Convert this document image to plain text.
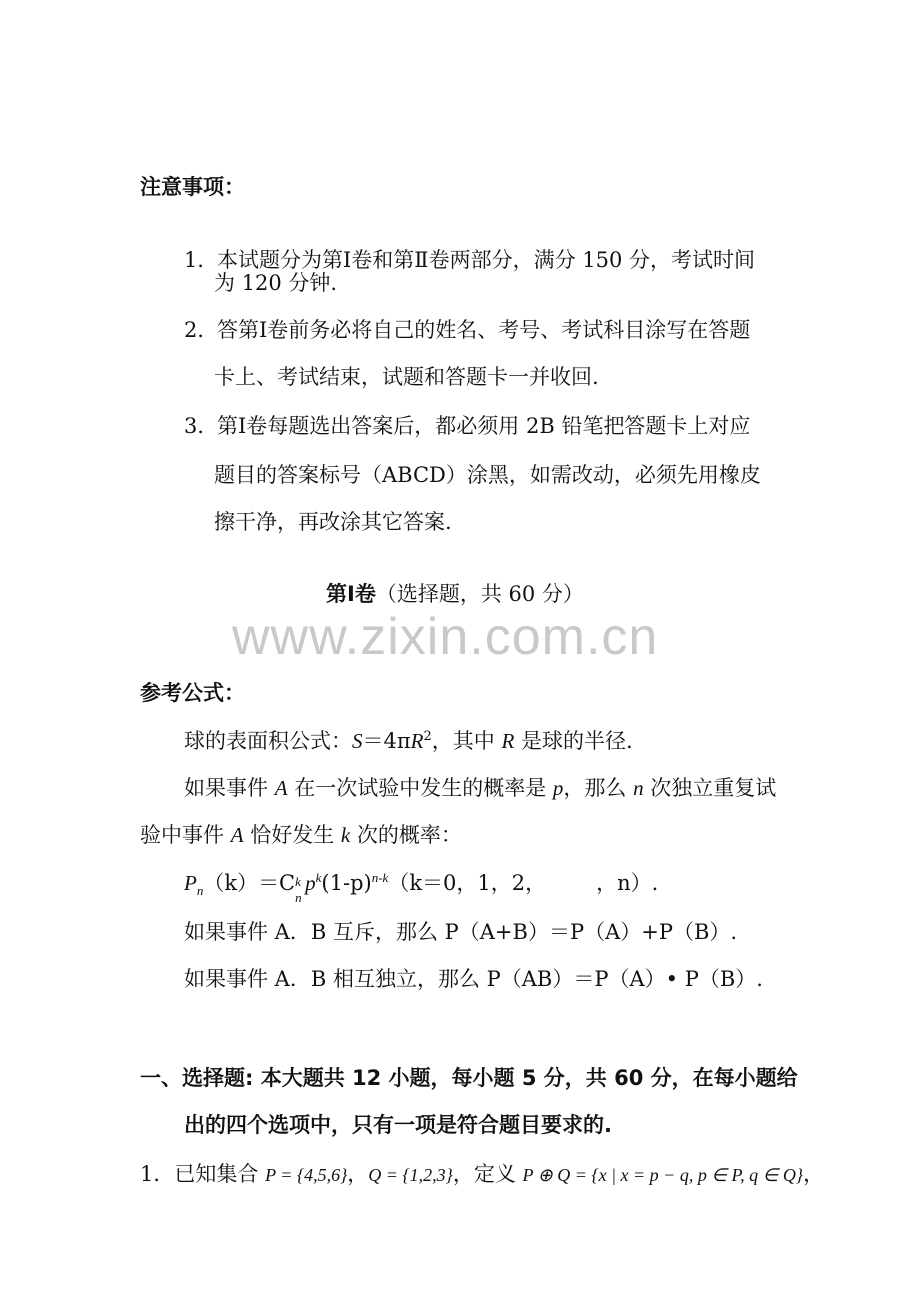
注意事项：
1．
本试题分为第Ⅰ卷和第Ⅱ卷两部分，满分 150 分，考试时间
为 120 分钟.
2．
答第Ⅰ卷前务必将自己的姓名、考号、考试科目涂写在答题
卡上、考试结束，试题和答题卡一并收回.
3．
第Ⅰ卷每题选出答案后，都必须用 2B 铅笔把答题卡上对应
题目的答案标号（ABCD）涂黑，如需改动，必须先用橡皮
擦干净，再改涂其它答案.
第Ⅰ卷（选择题，共 60 分）
www.zixin.com.cn
参考公式：
球的表面积公式：$S=4\pi R^2$，其中 R 是球的半径.
如果事件 A 在一次试验中发生的概率是 p，那么 n 次独立重复试
验中事件 A 恰好发生 k 次的概率：
$P_n(k)=C$ k
n
$p^k(1-p)^{n-k}(k=0$，1，2， ，n）.
如果事件 A．B 互斥，那么 P（A+B）＝P（A）+P（B）.
如果事件 A．B 相互独立，那么 P（AB）＝P（A）• P（B）.
一、选择题: 本大题共 12 小题，每小题 5 分，共 60 分，在每小题给
出的四个选项中，只有一项是符合题目要求的.
1．已知集合 P = {4,5,6}，Q = {1,2,3}，定义 P ⊕ Q = {x | x = p − q, p ∈ P, q ∈ Q}，
